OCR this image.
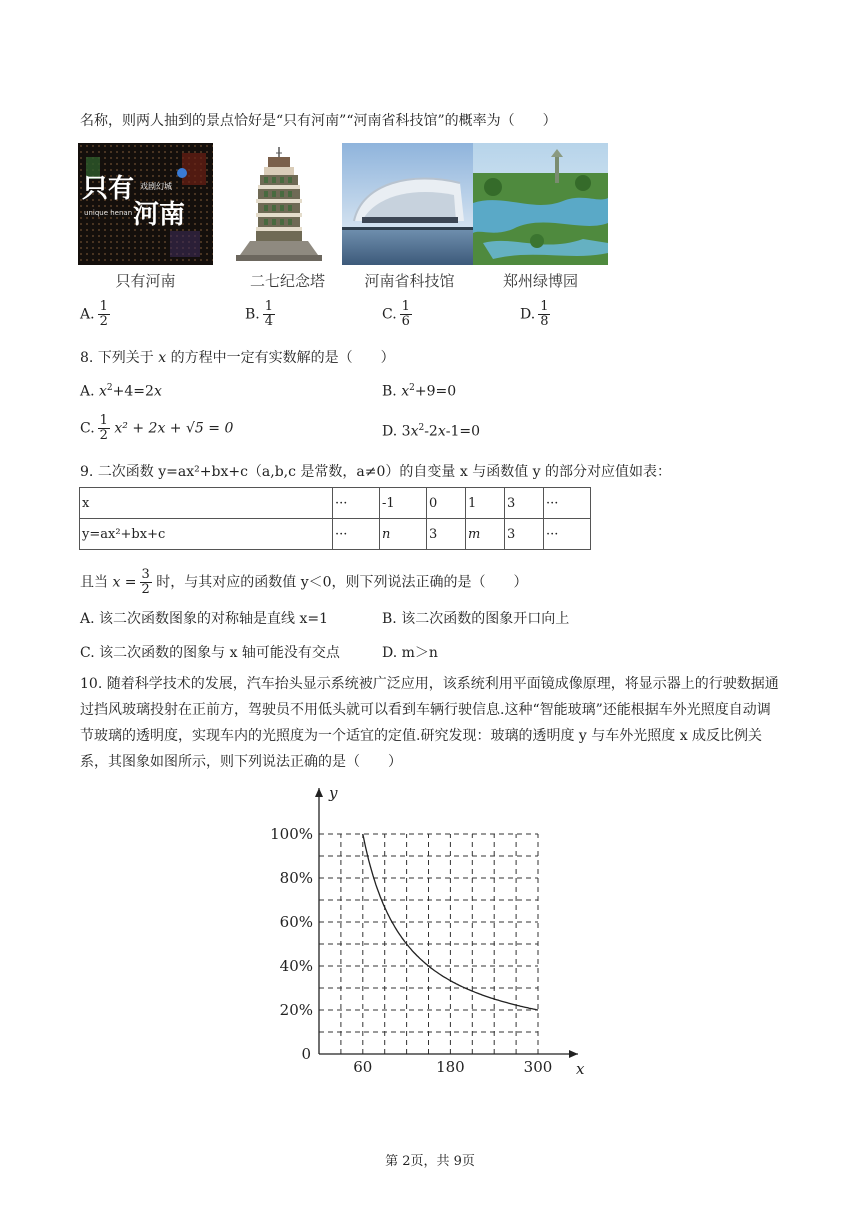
名称，则两人抽到的景点恰好是“只有河南”“河南省科技馆”的概率为（　　）
只有
河南
戏剧幻城
unique henan
只有河南	二七纪念塔	河南省科技馆	郑州绿博园
A. $\frac{1}{2}$	B. $\frac{1}{4}$	C. $\frac{1}{6}$	D. $\frac{1}{8}$
8. 下列关于 x 的方程中一定有实数解的是（　　）
A. $x^2+4=2x$	B. $x^2+9=0$
C. $\frac{1}{2} x^2 + 2x + √5 = 0$	D. $3x^2-2x-1=0$
9. 二次函数 y=ax²+bx+c（a,b,c 是常数，a≠0）的自变量 x 与函数值 y 的部分对应值如表：
x	···	-1	0	1	3	···
y=ax²+bx+c	···	n	3	m	3	···
且当 $x = \frac{3}{2}$ 时，与其对应的函数值 y＜0，则下列说法正确的是（　　）
A. 该二次函数图象的对称轴是直线 x=1	B. 该二次函数的图象开口向上
C. 该二次函数的图象与 x 轴可能没有交点	D. m＞n
10. 随着科学技术的发展，汽车抬头显示系统被广泛应用，该系统利用平面镜成像原理，将显示器上的行驶数据通过挡风玻璃投射在正前方，驾驶员不用低头就可以看到车辆行驶信息.这种“智能玻璃”还能根据车外光照度自动调节玻璃的透明度，实现车内的光照度为一个适宜的定值.研究发现：玻璃的透明度 y 与车外光照度 x 成反比例关系，其图象如图所示，则下列说法正确的是（　　）
x
y
60	180	300
0
20%
40%
60%
80%
100%
第 2页，共 9页
